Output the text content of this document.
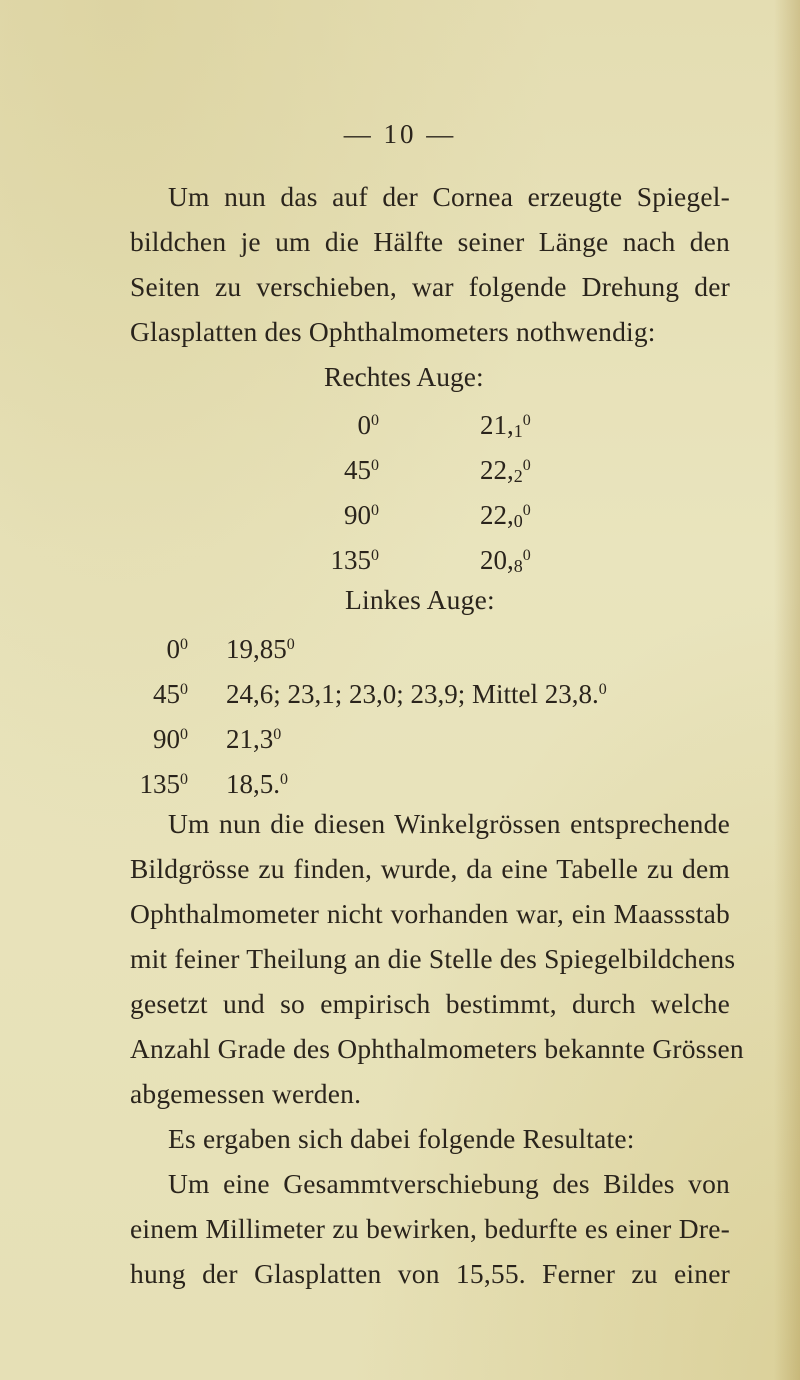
— 10 —
Um nun das auf der Cornea erzeugte Spiegel-
bildchen je um die Hälfte seiner Länge nach den
Seiten zu verschieben, war folgende Drehung der
Glasplatten des Ophthalmometers nothwendig:
Rechtes Auge:
$0^0$	21,1$^0$
$45^0$	22,2$^0$
$90^0$	22,0$^0$
$135^0$	20,8$^0$
Linkes Auge:
$0^0$ 19,85$^0$
$45^0$ 24,6; 23,1; 23,0; 23,9; Mittel 23,8.$^0$
$90^0$ 21,3$^0$
$135^0$ 18,5.$^0$
Um nun die diesen Winkelgrössen entsprechende
Bildgrösse zu finden, wurde, da eine Tabelle zu dem
Ophthalmometer nicht vorhanden war, ein Maassstab
mit feiner Theilung an die Stelle des Spiegelbildchens
gesetzt und so empirisch bestimmt, durch welche
Anzahl Grade des Ophthalmometers bekannte Grössen
abgemessen werden.
Es ergaben sich dabei folgende Resultate:
Um eine Gesammtverschiebung des Bildes von
einem Millimeter zu bewirken, bedurfte es einer Dre-
hung der Glasplatten von 15,55. Ferner zu einer
